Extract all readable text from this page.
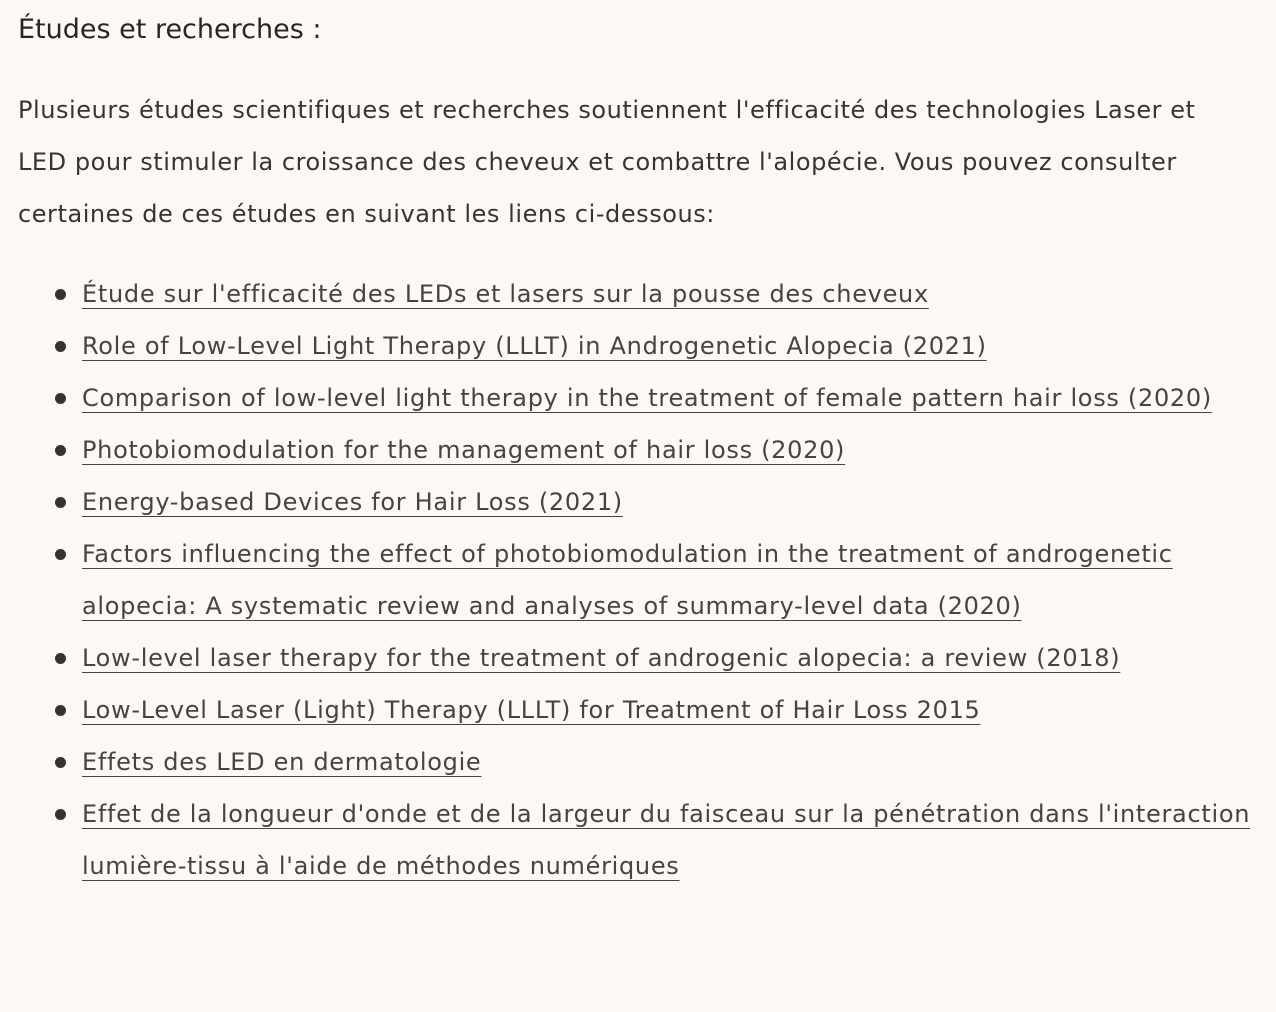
Études et recherches :

Plusieurs études scientifiques et recherches soutiennent l'efficacité des technologies Laser et LED pour stimuler la croissance des cheveux et combattre l'alopécie. Vous pouvez consulter certaines de ces études en suivant les liens ci-dessous:

Étude sur l'efficacité des LEDs et lasers sur la pousse des cheveux
Role of Low-Level Light Therapy (LLLT) in Androgenetic Alopecia (2021)
Comparison of low-level light therapy in the treatment of female pattern hair loss (2020)
Photobiomodulation for the management of hair loss (2020)
Energy-based Devices for Hair Loss (2021)
Factors influencing the effect of photobiomodulation in the treatment of androgenetic alopecia: A systematic review and analyses of summary-level data (2020)
Low-level laser therapy for the treatment of androgenic alopecia: a review (2018)
Low-Level Laser (Light) Therapy (LLLT) for Treatment of Hair Loss 2015
Effets des LED en dermatologie
Effet de la longueur d'onde et de la largeur du faisceau sur la pénétration dans l'interaction lumière-tissu à l'aide de méthodes numériques
